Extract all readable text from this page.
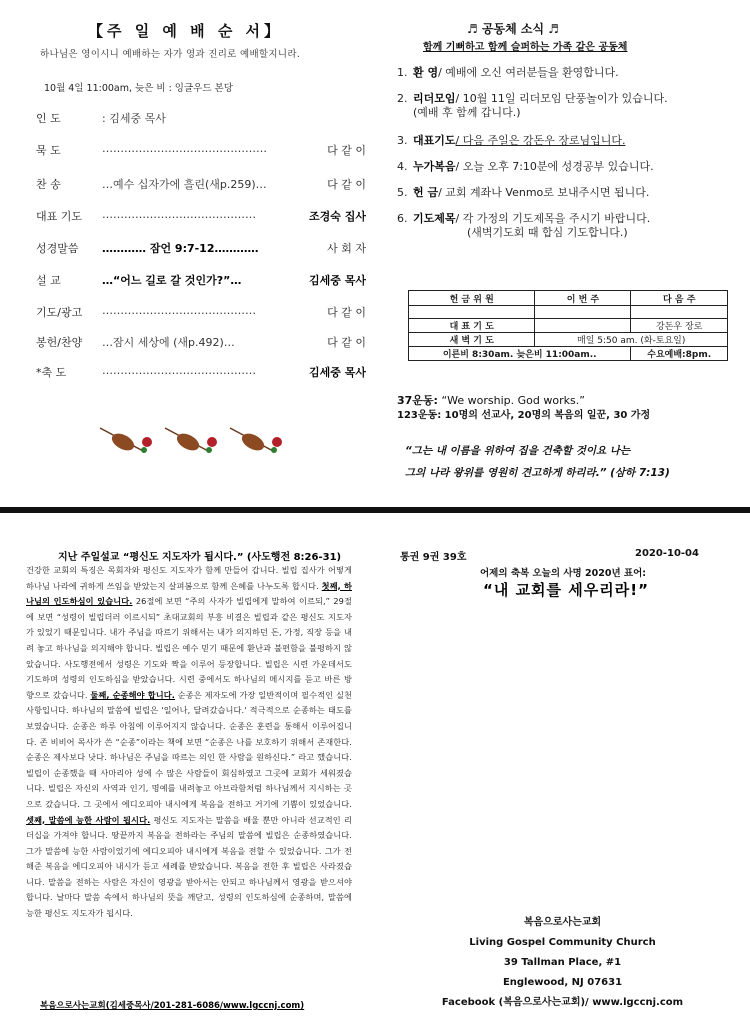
【주 일 예 배 순 서】
하나님은 영이시니 예배하는 자가 영과 진리로 예배할지니라.
10월 4일 11:00am, 늦은 비 : 잉글우드 본당
인 도	: 김세중 목사
묵 도	………………………………………	다 같 이
찬 송	…예수 십자가에 흘린(새p.259)…	다 같 이
대표 기도 ……………………………………	조경숙 집사
성경말씀 ………… 잠언 9:7-12…………	사 회 자
설 교	…“어느 길로 갈 것인가?”…	김세중 목사
기도/광고 ……………………………………	다 같 이
봉헌/찬양 …잠시 세상에 (새p.492)…	다 같 이
*축 도	……………………………………	김세중 목사
♬ 공동체 소식 ♬
함께 기뻐하고 함께 슬퍼하는 가족 같은 공동체
1. 환 영/ 예배에 오신 여러분들을 환영합니다.
2. 리더모임/ 10월 11일 리더모임 단풍놀이가 있습니다.
(예배 후 함께 갑니다.)
3. 대표기도/ 다음 주일은 강돈우 장로님입니다.
4. 누가복음/ 오늘 오후 7:10분에 성경공부 있습니다.
5. 헌 금/ 교회 계좌나 Venmo로 보내주시면 됩니다.
6. 기도제목/ 각 가정의 기도제목을 주시기 바랍니다.
(새벽기도회 때 합심 기도합니다.)
헌 금 위 원	이 번 주	다 음 주

대 표 기 도		강돈우 장로
새 벽 기 도	매일 5:50 am. (화-토요일)	
이른비 8:30am. 늦은비 11:00am..		수요예배:8pm.
37운동: “We worship. God works.”
123운동: 10명의 선교사, 20명의 복음의 일꾼, 30 가정
“그는 내 이름을 위하여 집을 건축할 것이요 나는
그의 나라 왕위를 영원히 견고하게 하리라.” (삼하 7:13)
지난 주일설교 “평신도 지도자가 됩시다.” (사도행전 8:26-31)
건강한 교회의 특징은 목회자와 평신도 지도자가 함께 만들어 갑니다. 빌립 집사가 어떻게 하나님 나라에 귀하게 쓰임을 받았는지 살펴봄으로 함께 은혜를 나누도록 합시다. 첫째, 하나님의 인도하심이 있습니다. 26절에 보면 “주의 사자가 빌립에게 말하여 이르되,” 29절에 보면 “성령이 빌립더러 이르시되” 초대교회의 부흥 비결은 빌립과 같은 평신도 지도자가 있었기 때문입니다. 내가 주님을 따르기 위해서는 내가 의지하던 돈, 가정, 직장 등을 내려 놓고 하나님을 의지해야 합니다. 빌립은 예수 믿기 때문에 환난과 불편함을 불평하지 않았습니다. 사도행전에서 성령은 기도와 짝을 이루어 등장합니다. 빌립은 시련 가운데서도 기도하며 성령의 인도하심을 받았습니다. 시련 중에서도 하나님의 메시지를 듣고 바른 방향으로 갔습니다. 둘째, 순종해야 합니다. 순종은 제자도에 가장 일반적이며 필수적인 실천 사항입니다. 하나님의 말씀에 빌립은 '일어나, 달려갔습니다.' 적극적으로 순종하는 태도를 보였습니다. 순종은 하루 아침에 이루어지지 않습니다. 순종은 훈련을 통해서 이루어집니다. 존 비비어 목사가 쓴 “순종”이라는 책에 보면 “순종은 나를 보호하기 위해서 존재한다. 순종은 제사보다 낫다. 하나님은 주님을 따르는 의인 한 사람을 원하신다.” 라고 했습니다. 빌립이 순종했을 때 사마리아 성에 수 많은 사람들이 회심하였고 그곳에 교회가 세워졌습니다. 빌립은 자신의 사역과 인기, 명예를 내려놓고 아브라함처럼 하나님께서 지시하는 곳으로 갔습니다. 그 곳에서 에디오피아 내시에게 복음을 전하고 거기에 기쁨이 있었습니다. 셋째, 말씀에 능한 사람이 됩시다. 평신도 지도자는 말씀을 배울 뿐만 아니라 선교적인 리더십을 가져야 합니다. 땅끝까지 복음을 전하라는 주님의 말씀에 빌립은 순종하였습니다. 그가 말씀에 능한 사람이었기에 에디오피아 내시에게 복음을 전할 수 있었습니다. 그가 전해준 복음을 에디오피아 내시가 듣고 세례를 받았습니다. 복음을 전한 후 빌립은 사라졌습니다. 말씀을 전하는 사람은 자신이 영광을 받아서는 안되고 하나님께서 영광을 받으셔야 합니다. 날마다 말씀 속에서 하나님의 뜻을 깨닫고, 성령의 인도하심에 순종하며, 말씀에 능한 평신도 지도자가 됩시다.
복음으로사는교회(김세중목사/201-281-6086/www.lgccnj.com)
통권 9권 39호	2020-10-04
어제의 축복 오늘의 사명 2020년 표어:
“내 교회를 세우리라!”
복음으로사는교회
Living Gospel Community Church
39 Tallman Place, #1
Englewood, NJ 07631
Facebook (복음으로사는교회)/ www.lgccnj.com
